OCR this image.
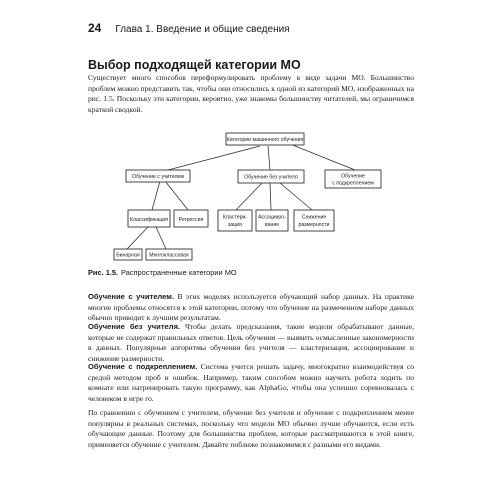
24 Глава 1. Введение и общие сведения
Выбор подходящей категории МО

Существует много способов переформулировать проблему в виде задачи МО. Большинство проблем можно представить так, чтобы они относились к одной из категорий МО, изображенных на рис. 1.5. Поскольку эти категории, вероятно, уже знакомы большинству читателей, мы ограничимся краткой сводкой.

Категории машинного обучения
Обучение с учителем	Обучение без учителя	Обучение
с подкреплением
Классификация Регрессия	Кластери-
зация
Ассоцииро-
вание
Снижение
размерности
Бинарная Многоклассовая
Рис. 1.5. Распространенные категории МО

Обучение с учителем. В этих моделях используется обучающий набор данных. На практике многие проблемы относятся к этой категории, потому что обучение на размеченном наборе данных обычно приводит к лучшим результатам.

Обучение без учителя. Чтобы делать предсказания, такие модели обрабатывают данные, которые не содержат правильных ответов. Цель обучения — выявить осмысленные закономерности в данных. Популярные алгоритмы обучения без учителя — кластеризация, ассоциирование и снижение размерности.

Обучение с подкреплением. Система учится решать задачу, многократно взаимодействуя со средой методом проб и ошибок. Например, таким способом можно научить робота ходить по комнате или натренировать такую программу, как AlphaGo, чтобы она успешно соревновалась с человеком в игре го.

По сравнению с обучением с учителем, обучение без учителя и обучение с подкреплением менее популярны в реальных системах, поскольку что модели МО обычно лучше обучаются, если есть обучающие данные. Поэтому для большинства проблем, которые рассматриваются в этой книге, применяется обучение с учителем. Давайте поближе познакомимся с разными его видами.
